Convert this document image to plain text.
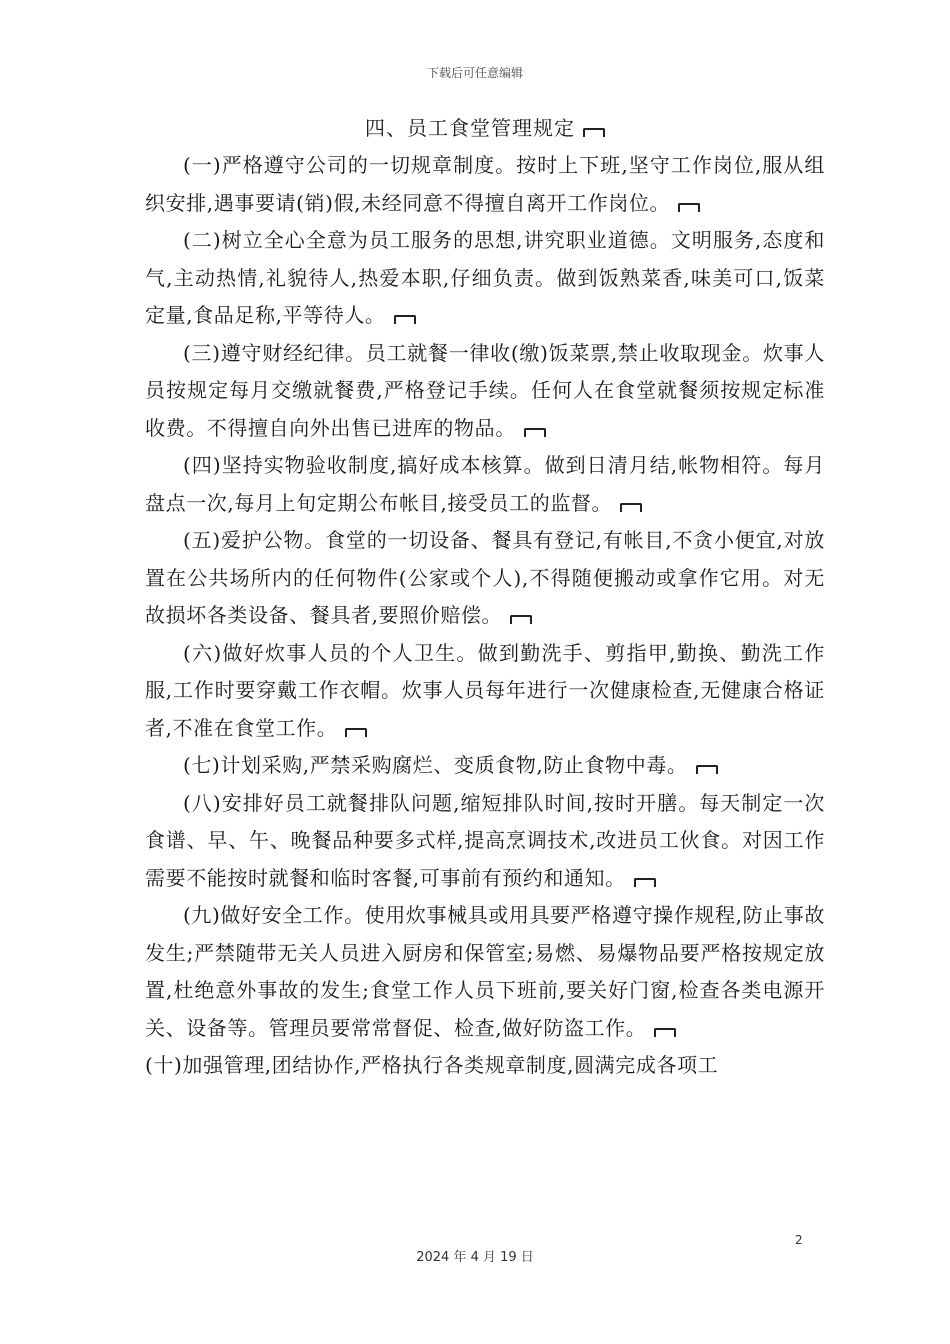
下载后可任意编辑
四、员工食堂管理规定

(一)严格遵守公司的一切规章制度。按时上下班,坚守工作岗位,服从组织安排,遇事要请(销)假,未经同意不得擅自离开工作岗位。

(二)树立全心全意为员工服务的思想,讲究职业道德。文明服务,态度和气,主动热情,礼貌待人,热爱本职,仔细负责。做到饭熟菜香,味美可口,饭菜定量,食品足称,平等待人。

(三)遵守财经纪律。员工就餐一律收(缴)饭菜票,禁止收取现金。炊事人员按规定每月交缴就餐费,严格登记手续。任何人在食堂就餐须按规定标准收费。不得擅自向外出售已进库的物品。

(四)坚持实物验收制度,搞好成本核算。做到日清月结,帐物相符。每月盘点一次,每月上旬定期公布帐目,接受员工的监督。

(五)爱护公物。食堂的一切设备、餐具有登记,有帐目,不贪小便宜,对放置在公共场所内的任何物件(公家或个人),不得随便搬动或拿作它用。对无故损坏各类设备、餐具者,要照价赔偿。

(六)做好炊事人员的个人卫生。做到勤洗手、剪指甲,勤换、勤洗工作服,工作时要穿戴工作衣帽。炊事人员每年进行一次健康检查,无健康合格证者,不准在食堂工作。

(七)计划采购,严禁采购腐烂、变质食物,防止食物中毒。

(八)安排好员工就餐排队问题,缩短排队时间,按时开膳。每天制定一次食谱、早、午、晚餐品种要多式样,提高烹调技术,改进员工伙食。对因工作需要不能按时就餐和临时客餐,可事前有预约和通知。

(九)做好安全工作。使用炊事械具或用具要严格遵守操作规程,防止事故发生;严禁随带无关人员进入厨房和保管室;易燃、易爆物品要严格按规定放置,杜绝意外事故的发生;食堂工作人员下班前,要关好门窗,检查各类电源开关、设备等。管理员要常常督促、检查,做好防盗工作。

(十)加强管理,团结协作,严格执行各类规章制度,圆满完成各项工

2
2024 年 4 月 19 日
